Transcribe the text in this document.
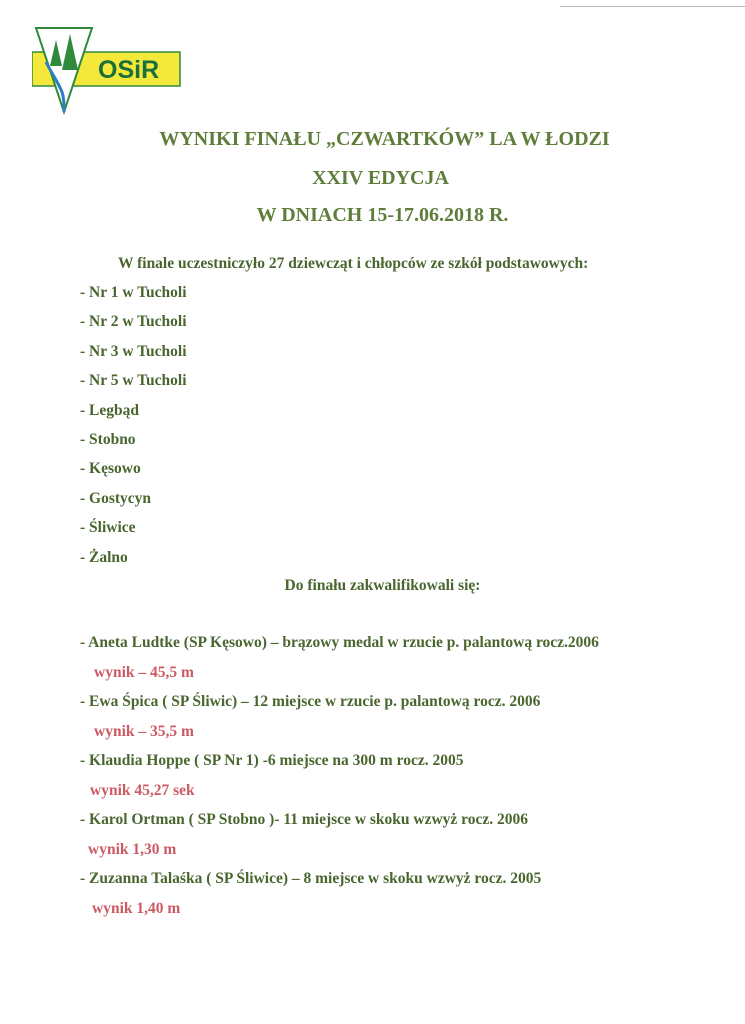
OSiR
WYNIKI FINAŁU „CZWARTKÓW” LA W ŁODZI
XXIV EDYCJA
W DNIACH 15-17.06.2018 R.
W finale uczestniczyło 27 dziewcząt i chłopców ze szkół podstawowych:
- Nr 1 w Tucholi
- Nr 2 w Tucholi
- Nr 3 w Tucholi
- Nr 5 w Tucholi
- Legbąd
- Stobno
- Kęsowo
- Gostycyn
- Śliwice
- Żalno
Do finału zakwalifikowali się:
- Aneta Ludtke (SP Kęsowo) – brązowy medal w rzucie p. palantową rocz.2006
wynik – 45,5 m
- Ewa Śpica ( SP Śliwic) – 12 miejsce w rzucie p. palantową rocz. 2006
wynik – 35,5 m
- Klaudia Hoppe ( SP Nr 1) -6 miejsce na 300 m rocz. 2005
wynik 45,27 sek
- Karol Ortman ( SP Stobno )- 11 miejsce w skoku wzwyż rocz. 2006
wynik 1,30 m
- Zuzanna Talaśka ( SP Śliwice) – 8 miejsce w skoku wzwyż rocz. 2005
wynik 1,40 m
